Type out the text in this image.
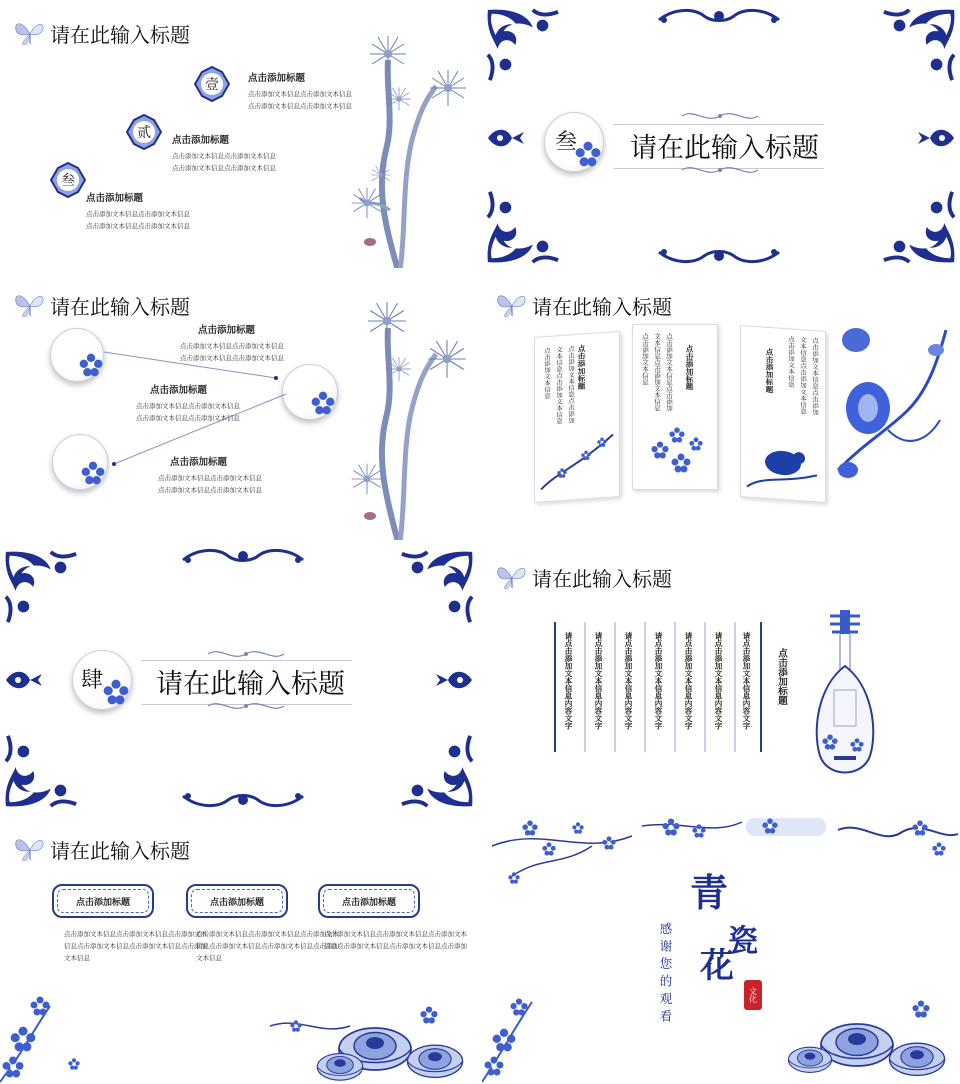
请在此输入标题
壹	点击添加标题
点击添加文本信息点击添加文本信息
点击添加文本信息点击添加文本信息
贰	点击添加标题
点击添加文本信息点击添加文本信息
点击添加文本信息点击添加文本信息
叁
点击添加标题
点击添加文本信息点击添加文本信息
点击添加文本信息点击添加文本信息
叁 请在此输入标题
请在此输入标题
点击添加标题
点击添加文本信息点击添加文本信息
点击添加文本信息点击添加文本信息
点击添加标题
点击添加文本信息点击添加文本信息
点击添加文本信息点击添加文本信息
点击添加标题
点击添加文本信息点击添加文本信息
点击添加文本信息点击添加文本信息
请在此输入标题
点击添加标题
点击添加文本信息点击添加文本信息点击添加文本信息点击添加文本信息	点击添加标题
点击添加文本信息点击添加文本信息点击添加文本信息点击添加文本信息	点击添加标题	点击添加文本信息点击添加文本信息点击添加文本信息点击添加文本信息
肆 请在此输入标题
请在此输入标题
请点击添加文本信息内容文字	请点击添加文本信息内容文字	请点击添加文本信息内容文字	请点击添加文本信息内容文字	请点击添加文本信息内容文字	请点击添加文本信息内容文字	请点击添加文本信息内容文字	点击添加标题
请在此输入标题
点击添加标题	点击添加标题	点击添加标题
点击添加文本信息点击添加文本信息点击添加文本
信息点击添加文本信息点击添加文本信息点击添加
文本信息
点击添加文本信息点击添加文本信息点击添加文本
信息点击添加文本信息点击添加文本信息点击添加
文本信息
点击添加文本信息点击添加文本信息点击添加文本
信息点击添加文本信息点击添加文本信息点击添加
青
瓷
花
文化
感谢您的观看
